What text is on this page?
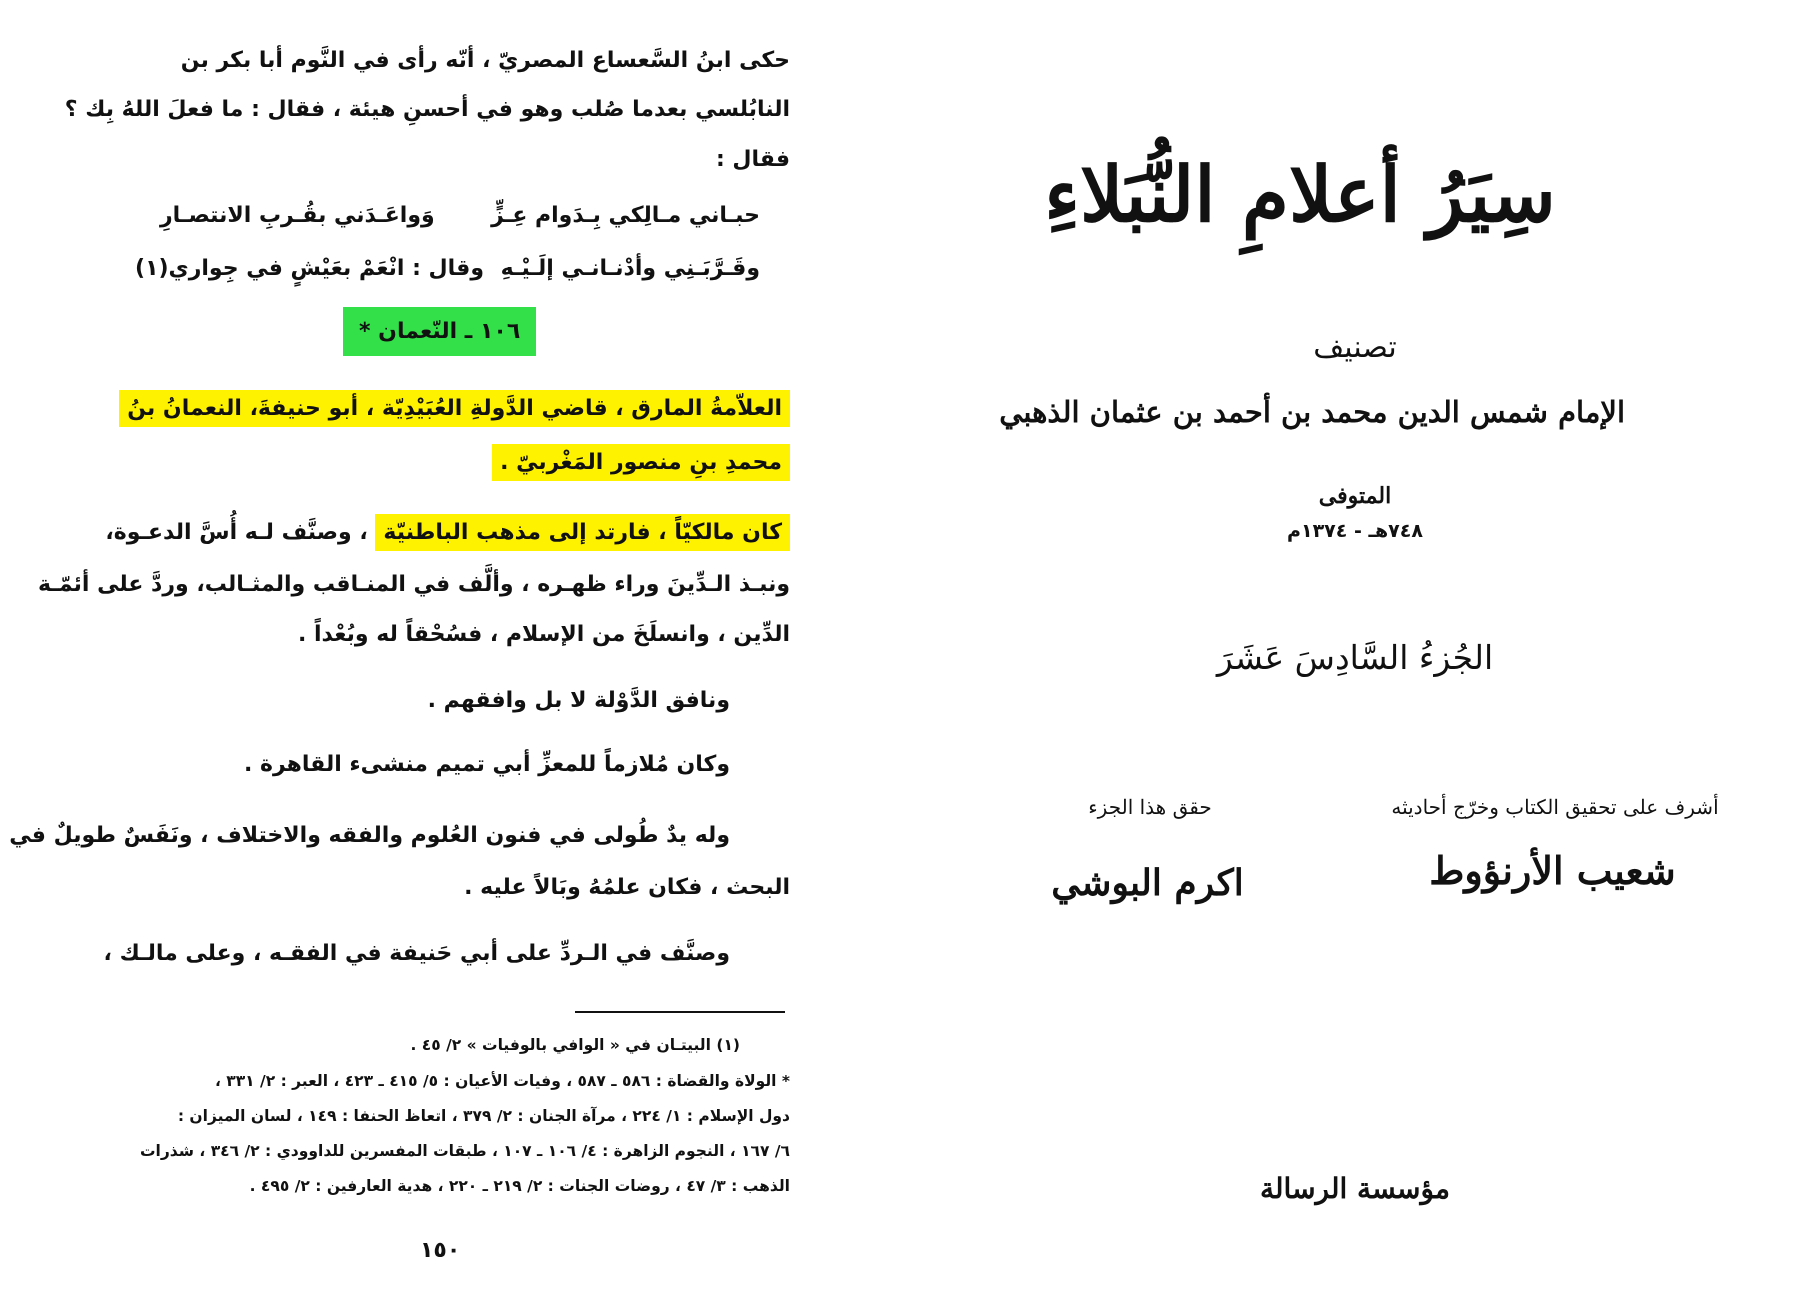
حكى ابنُ السَّعساع المصريّ ، أنّه رأى في النَّوم أبا بكر بن
النابُلسي بعدما صُلب وهو في أحسنِ هيئة ، فقال : ما فعلَ اللهُ بِك ؟
فقال :
حبـاني مـالِكي بِـدَوام عِـزٍّ
وَواعَـدَني بقُـربِ الانتصـارِ
وقَـرَّبَـنِي وأدْنـانـي إلَـيْـهِ
وقال : انْعَمْ بعَيْشٍ في جِواري(١)
١٠٦ ـ النّعمان *
العلاّمةُ المارق ، قاضي الدَّولةِ العُبَيْدِيّة ، أبو حنيفةَ، النعمانُ بنُ
محمدِ بنِ منصور المَغْربيّ .
كان مالكيّاً ، فارتد إلى مذهب الباطنيّة ، وصنَّف لـه أُسَّ الدعـوة،
ونبـذ الـدِّينَ وراء ظهـره ، وألَّف في المنـاقب والمثـالب، وردَّ على أئمّـة
الدِّين ، وانسلَخَ من الإسلام ، فسُحْقاً له وبُعْداً .
ونافق الدَّوْلة لا بل وافقهم .
وكان مُلازماً للمعزِّ أبي تميم منشىء القاهرة .
وله يدٌ طُولى في فنون العُلوم والفقه والاختلاف ، ونَفَسٌ طويلٌ في
البحث ، فكان علمُهُ وبَالاً عليه .
وصنَّف في الـردِّ على أبي حَنيفة في الفقـه ، وعلى مالـك ،
(١) البيتـان في « الوافي بالوفيات » ٢/ ٤٥ .
* الولاة والقضاة : ٥٨٦ ـ ٥٨٧ ، وفيات الأعيان : ٥/ ٤١٥ ـ ٤٢٣ ، العبر : ٢/ ٣٣١ ،
دول الإسلام : ١/ ٢٢٤ ، مرآة الجنان : ٢/ ٣٧٩ ، اتعاظ الحنفا : ١٤٩ ، لسان الميزان :
٦/ ١٦٧ ، النجوم الزاهرة : ٤/ ١٠٦ ـ ١٠٧ ، طبقات المفسرين للداوودي : ٢/ ٣٤٦ ، شذرات
الذهب : ٣/ ٤٧ ، روضات الجنات : ٢/ ٢١٩ ـ ٢٢٠ ، هدية العارفين : ٢/ ٤٩٥ .
١٥٠
سِيَرُ أعلامِ النُّبَلاءِ
تصنيف
الإمام شمس الدين محمد بن أحمد بن عثمان الذهبي
المتوفى
٧٤٨هـ - ١٣٧٤م
الجُزءُ السَّادِسَ عَشَرَ
أشرف على تحقيق الكتاب وخرّج أحاديثه
شعيب الأرنؤوط
حقق هذا الجزء
اكرم البوشي
مؤسسة الرسالة
